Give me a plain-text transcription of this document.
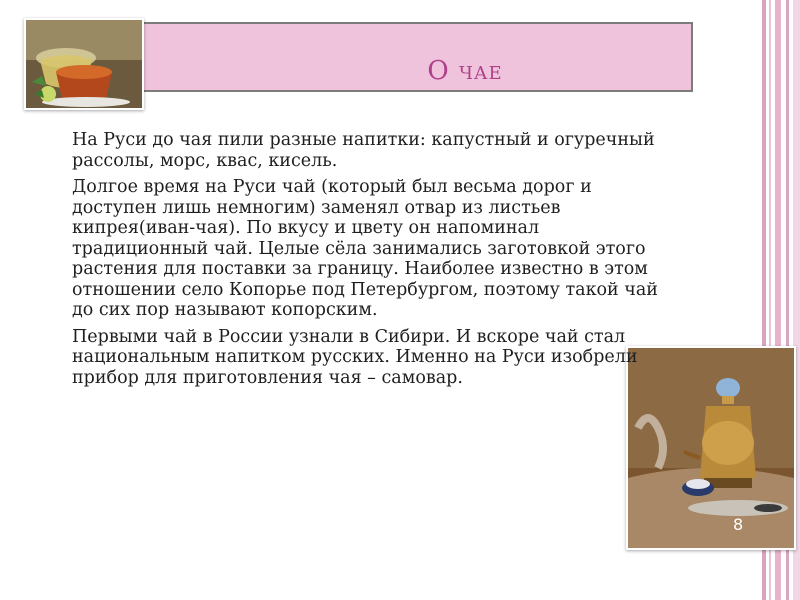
О чае
На Руси до чая пили разные напитки: капустный и огуречный рассолы, морс, квас, кисель.
Долгое время на Руси чай (который был весьма дорог и доступен лишь немногим) заменял отвар из листьев кипрея(иван-чая). По вкусу и цвету он напоминал традиционный чай. Целые сёла занимались заготовкой этого растения для поставки за границу. Наиболее известно в этом отношении село Копорье под Петербургом, поэтому такой чай до сих пор называют копорским.
Первыми чай в России узнали в Сибири. И вскоре чай стал национальным напитком русских. Именно на Руси изобрели прибор для приготовления чая – самовар.
8
